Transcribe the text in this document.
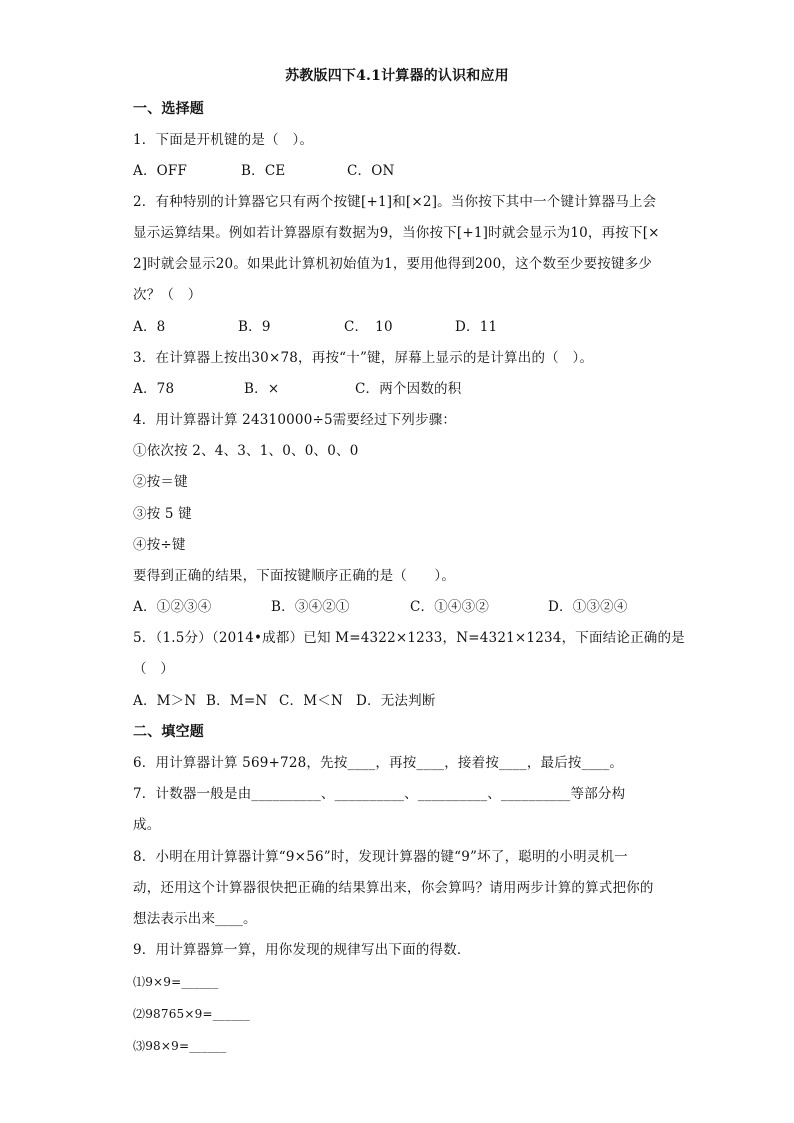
苏教版四下4.1计算器的认识和应用
一、选择题
1．下面是开机键的是（　）。
A．OFF	B．CE	C．ON
2．有种特别的计算器它只有两个按键[+1]和[×2]。当你按下其中一个键计算器马上会
显示运算结果。例如若计算器原有数据为9，当你按下[+1]时就会显示为10，再按下[×
2]时就会显示20。如果此计算机初始值为1，要用他得到200，这个数至少要按键多少
次？（　）
A．8	B．9	C．　10	D．11
3．在计算器上按出30×78，再按“十”键，屏幕上显示的是计算出的（　）。
A．78	B．×	C．两个因数的积
4．用计算器计算 24310000÷5需要经过下列步骤：
①依次按 2、4、3、1、0、0、0、0
②按＝键
③按 5 键
④按÷键
要得到正确的结果，下面按键顺序正确的是（　　）。
A．①②③④	B．③④②①	C．①④③②	D．①③②④
5．（1.5分）（2014•成都）已知 M=4322×1233，N=4321×1234，下面结论正确的是
（　）
A．M＞N B．M=N C．M＜N D．无法判断
二、填空题
6．用计算器计算 569+728，先按____，再按____，接着按____，最后按____。
7．计数器一般是由__________、__________、__________、__________等部分构
成。
8．小明在用计算器计算“9×56”时，发现计算器的键“9”坏了，聪明的小明灵机一
动，还用这个计算器很快把正确的结果算出来，你会算吗？请用两步计算的算式把你的
想法表示出来____。
9．用计算器算一算，用你发现的规律写出下面的得数．
⑴9×9=______
⑵98765×9=______
⑶98×9=______
